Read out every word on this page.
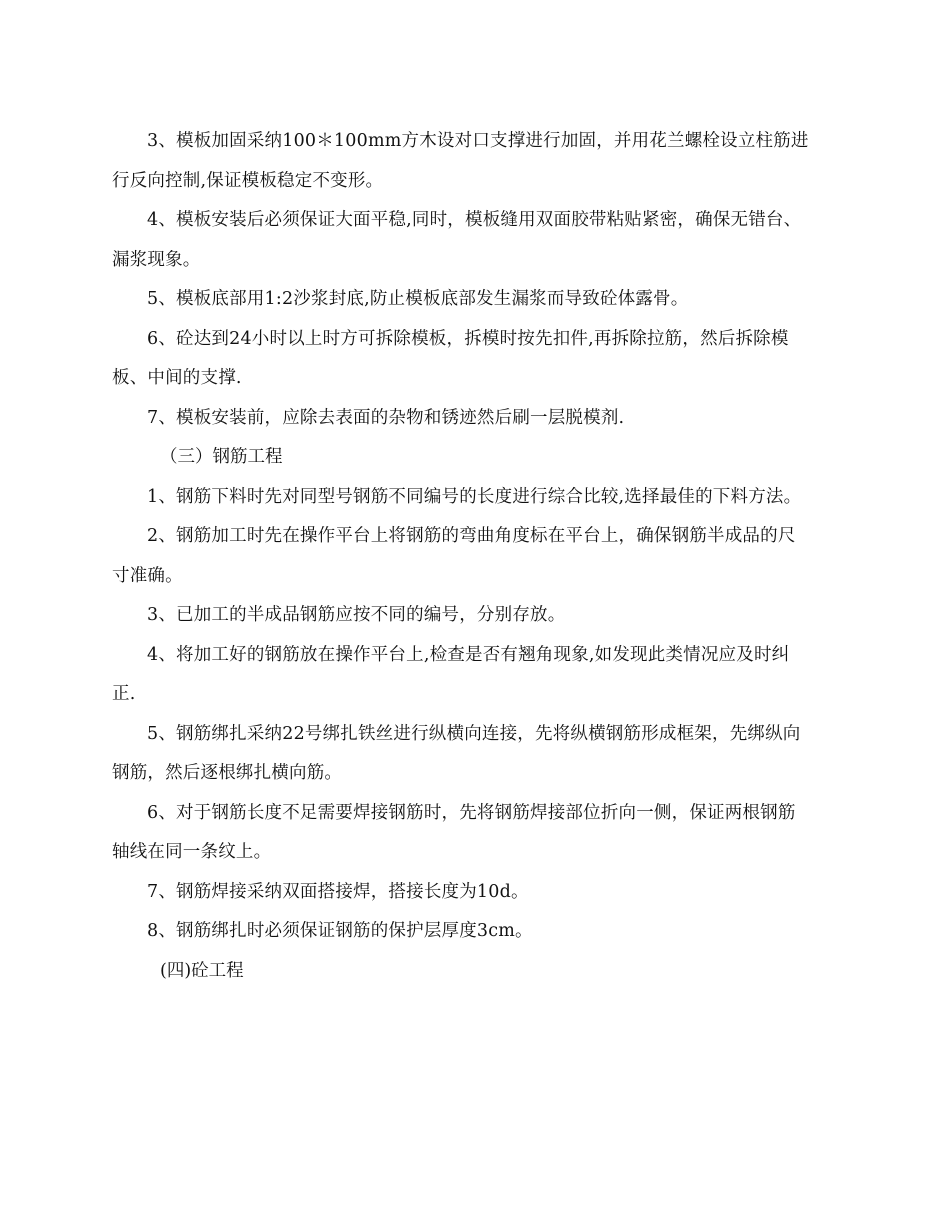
3、模板加固采纳100＊100mm方木设对口支撑进行加固，并用花兰螺栓设立柱筋进行反向控制,保证模板稳定不变形。

4、模板安装后必须保证大面平稳,同时，模板缝用双面胶带粘贴紧密，确保无错台、漏浆现象。

5、模板底部用1:2沙浆封底,防止模板底部发生漏浆而导致砼体露骨。

6、砼达到24小时以上时方可拆除模板，拆模时按先扣件,再拆除拉筋，然后拆除模板、中间的支撑.

7、模板安装前，应除去表面的杂物和锈迹然后刷一层脱模剂.

（三）钢筋工程

1、钢筋下料时先对同型号钢筋不同编号的长度进行综合比较,选择最佳的下料方法。

2、钢筋加工时先在操作平台上将钢筋的弯曲角度标在平台上，确保钢筋半成品的尺寸准确。

3、已加工的半成品钢筋应按不同的编号，分别存放。

4、将加工好的钢筋放在操作平台上,检查是否有翘角现象,如发现此类情况应及时纠正.

5、钢筋绑扎采纳22号绑扎铁丝进行纵横向连接，先将纵横钢筋形成框架，先绑纵向钢筋，然后逐根绑扎横向筋。

6、对于钢筋长度不足需要焊接钢筋时，先将钢筋焊接部位折向一侧，保证两根钢筋轴线在同一条纹上。

7、钢筋焊接采纳双面搭接焊，搭接长度为10d。

8、钢筋绑扎时必须保证钢筋的保护层厚度3cm。

(四)砼工程
